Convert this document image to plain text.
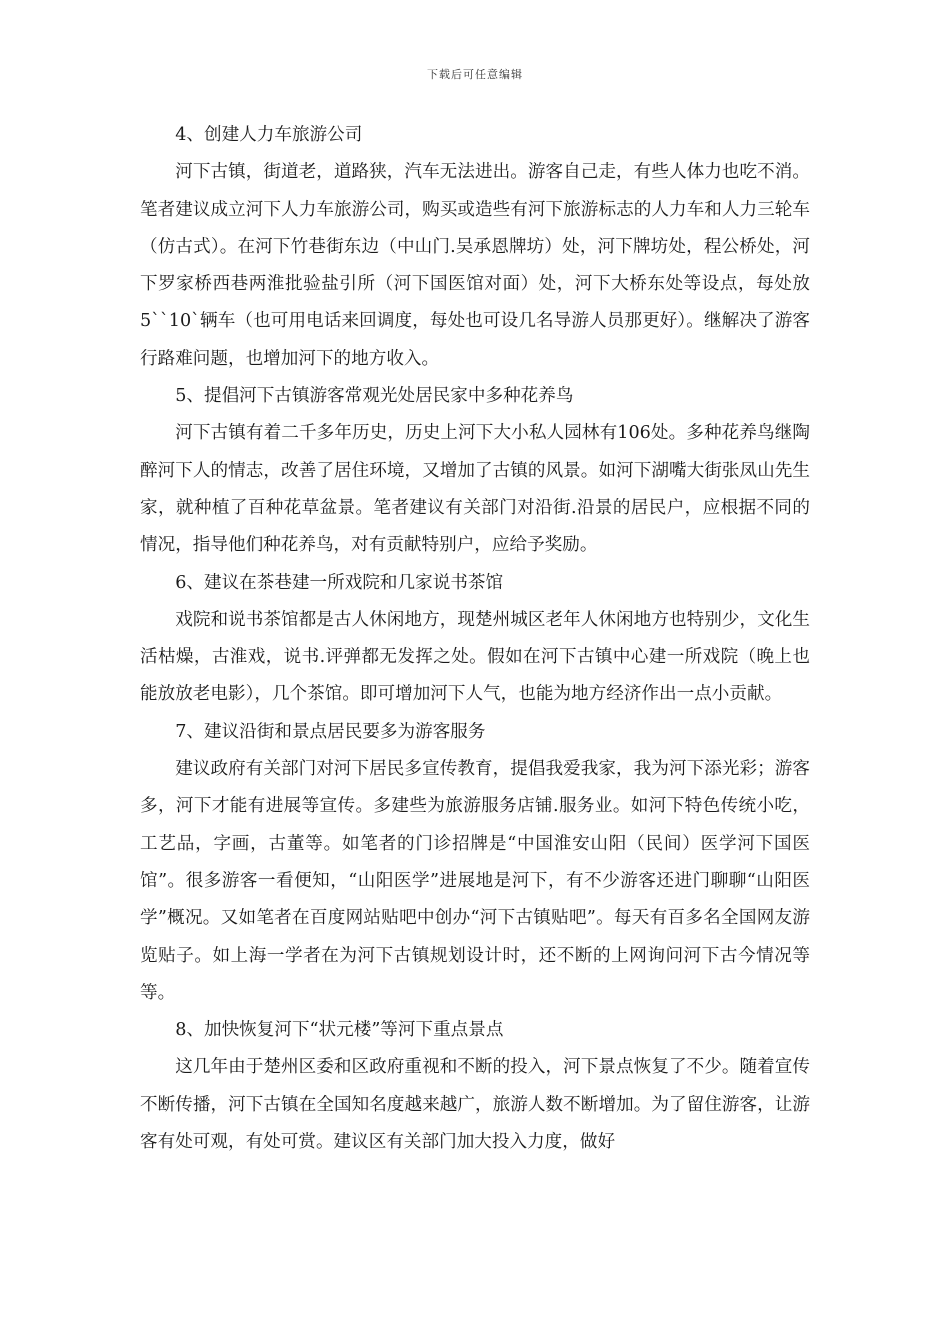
下载后可任意编辑

4、创建人力车旅游公司

河下古镇，街道老，道路狭，汽车无法进出。游客自己走，有些人体力也吃不消。笔者建议成立河下人力车旅游公司，购买或造些有河下旅游标志的人力车和人力三轮车（仿古式）。在河下竹巷街东边（中山门.吴承恩牌坊）处，河下牌坊处，程公桥处，河下罗家桥西巷两淮批验盐引所（河下国医馆对面）处，河下大桥东处等设点，每处放5``10`辆车（也可用电话来回调度，每处也可设几名导游人员那更好）。继解决了游客行路难问题，也增加河下的地方收入。

5、提倡河下古镇游客常观光处居民家中多种花养鸟

河下古镇有着二千多年历史，历史上河下大小私人园林有106处。多种花养鸟继陶醉河下人的情志，改善了居住环境，又增加了古镇的风景。如河下湖嘴大街张凤山先生家，就种植了百种花草盆景。笔者建议有关部门对沿街.沿景的居民户，应根据不同的情况，指导他们种花养鸟，对有贡献特别户，应给予奖励。

6、建议在茶巷建一所戏院和几家说书茶馆

戏院和说书茶馆都是古人休闲地方，现楚州城区老年人休闲地方也特别少，文化生活枯燥，古淮戏，说书.评弹都无发挥之处。假如在河下古镇中心建一所戏院（晚上也能放放老电影），几个茶馆。即可增加河下人气，也能为地方经济作出一点小贡献。

7、建议沿街和景点居民要多为游客服务

建议政府有关部门对河下居民多宣传教育，提倡我爱我家，我为河下添光彩；游客多，河下才能有进展等宣传。多建些为旅游服务店铺.服务业。如河下特色传统小吃，工艺品，字画，古董等。如笔者的门诊招牌是“中国淮安山阳（民间）医学河下国医馆”。很多游客一看便知，“山阳医学”进展地是河下，有不少游客还进门聊聊“山阳医学”概况。又如笔者在百度网站贴吧中创办“河下古镇贴吧”。每天有百多名全国网友游览贴子。如上海一学者在为河下古镇规划设计时，还不断的上网询问河下古今情况等等。

8、加快恢复河下“状元楼”等河下重点景点

这几年由于楚州区委和区政府重视和不断的投入，河下景点恢复了不少。随着宣传不断传播，河下古镇在全国知名度越来越广，旅游人数不断增加。为了留住游客，让游客有处可观，有处可赏。建议区有关部门加大投入力度，做好
